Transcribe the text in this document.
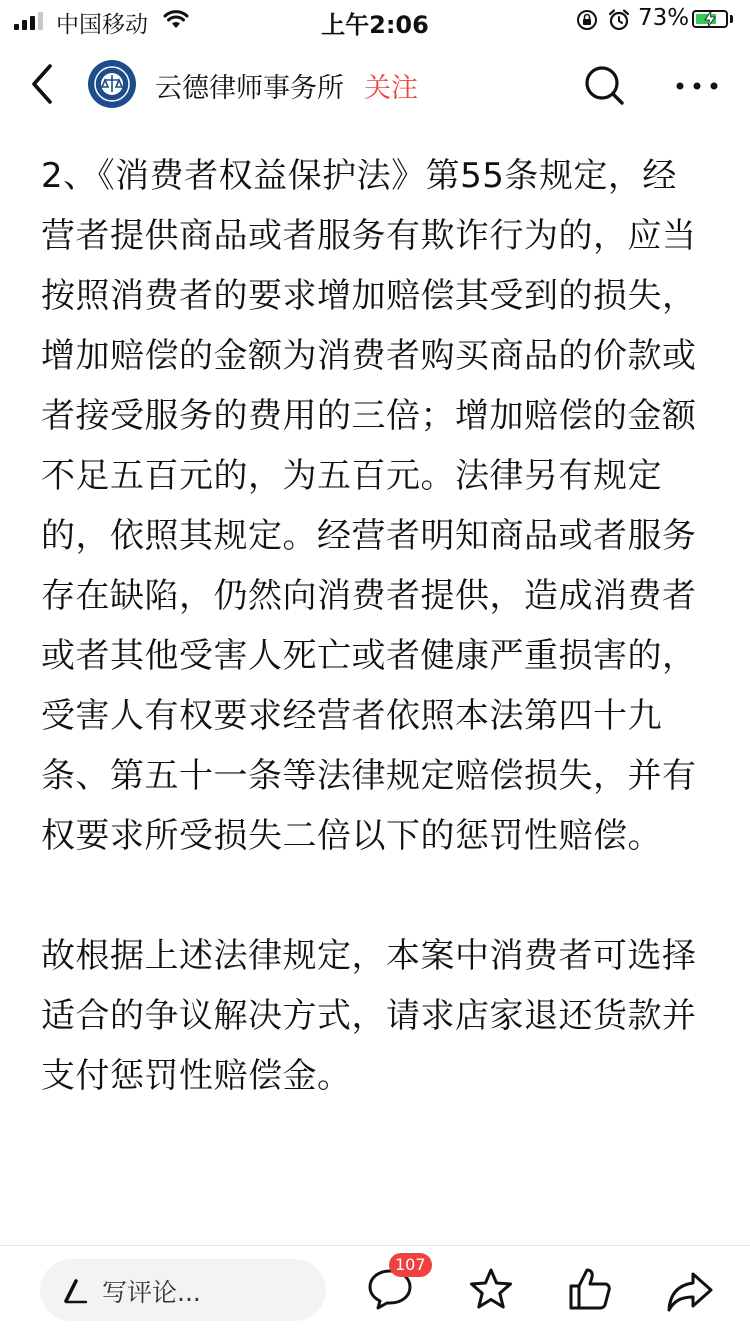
中国移动	上午2:06	73%
云德律师事务所 关注

2、《消费者权益保护法》第55条规定，经营者提供商品或者服务有欺诈行为的，应当按照消费者的要求增加赔偿其受到的损失，增加赔偿的金额为消费者购买商品的价款或者接受服务的费用的三倍；增加赔偿的金额不足五百元的，为五百元。法律另有规定的，依照其规定。经营者明知商品或者服务存在缺陷，仍然向消费者提供，造成消费者或者其他受害人死亡或者健康严重损害的，受害人有权要求经营者依照本法第四十九条、第五十一条等法律规定赔偿损失，并有权要求所受损失二倍以下的惩罚性赔偿。

故根据上述法律规定，本案中消费者可选择适合的争议解决方式，请求店家退还货款并支付惩罚性赔偿金。

写评论...
107
